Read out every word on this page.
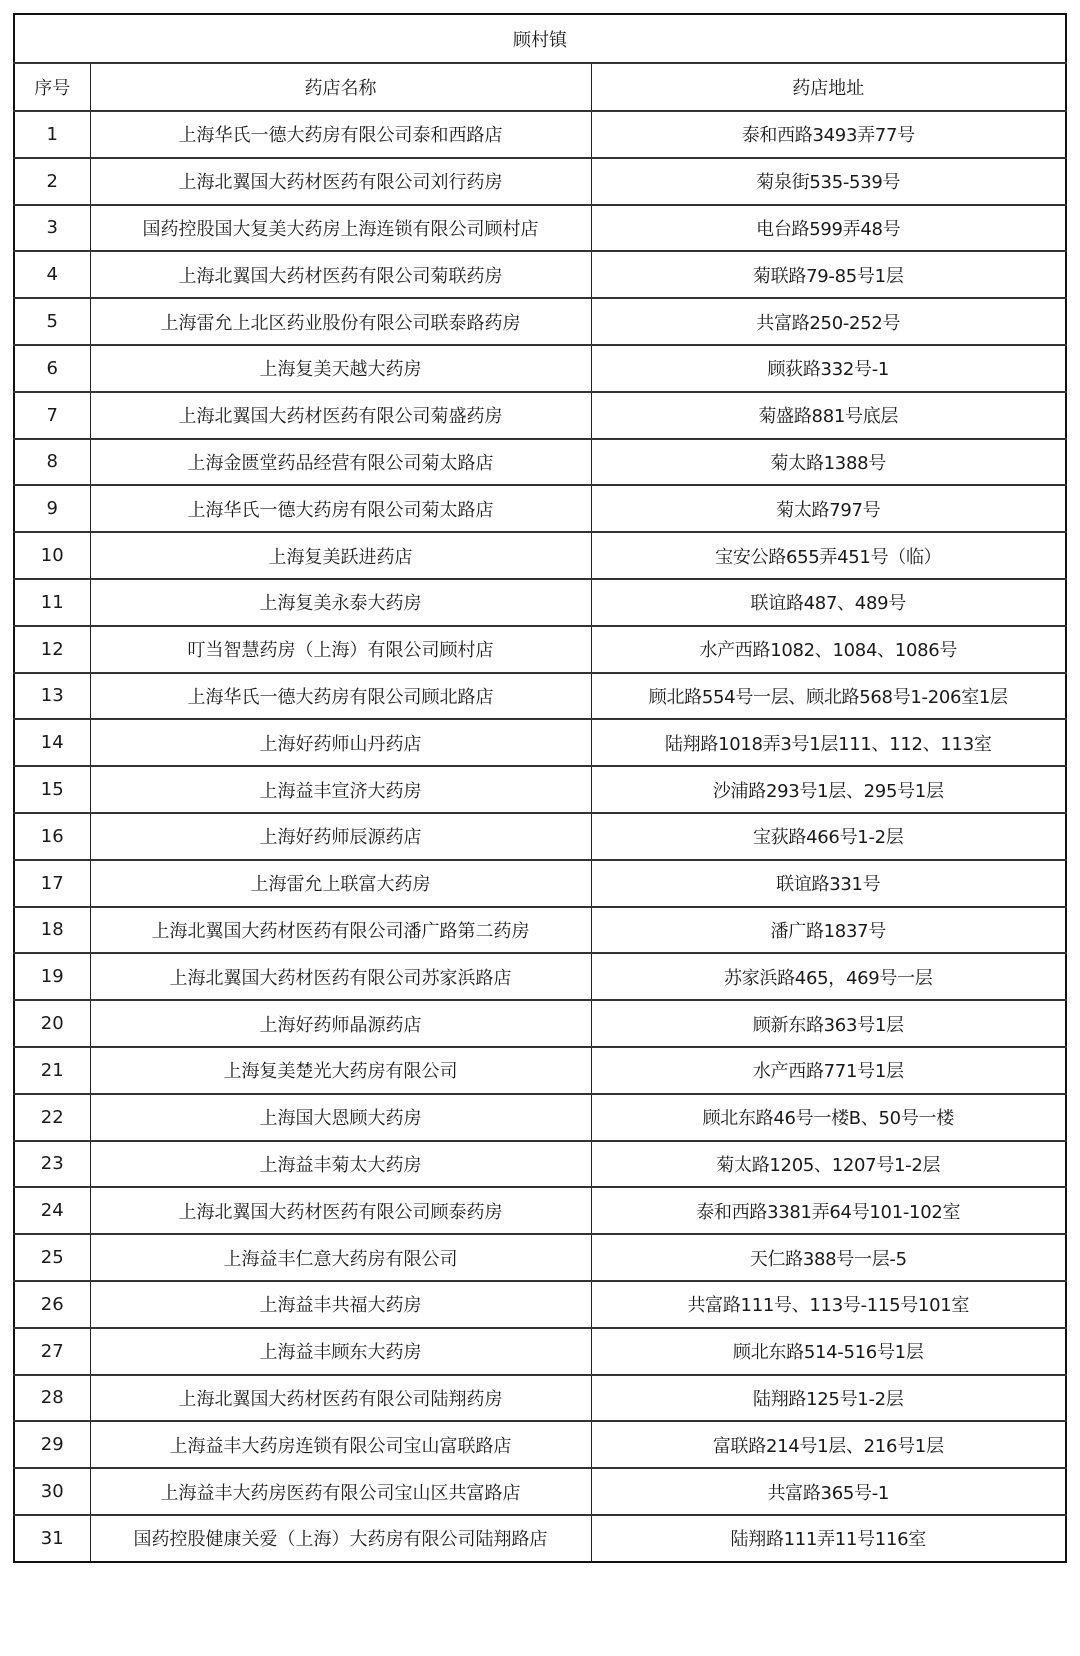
顾村镇		
序号	药店名称	药店地址
1	上海华氏一德大药房有限公司泰和西路店	泰和西路3493弄77号
2	上海北翼国大药材医药有限公司刘行药房	菊泉街535-539号
3	国药控股国大复美大药房上海连锁有限公司顾村店	电台路599弄48号
4	上海北翼国大药材医药有限公司菊联药房	菊联路79-85号1层
5	上海雷允上北区药业股份有限公司联泰路药房	共富路250-252号
6	上海复美天越大药房	顾荻路332号-1
7	上海北翼国大药材医药有限公司菊盛药房	菊盛路881号底层
8	上海金匮堂药品经营有限公司菊太路店	菊太路1388号
9	上海华氏一德大药房有限公司菊太路店	菊太路797号
10	上海复美跃进药店	宝安公路655弄451号（临）
11	上海复美永泰大药房	联谊路487、489号
12	叮当智慧药房（上海）有限公司顾村店	水产西路1082、1084、1086号
13	上海华氏一德大药房有限公司顾北路店	顾北路554号一层、顾北路568号1-206室1层
14	上海好药师山丹药店	陆翔路1018弄3号1层111、112、113室
15	上海益丰宣济大药房	沙浦路293号1层、295号1层
16	上海好药师辰源药店	宝荻路466号1-2层
17	上海雷允上联富大药房	联谊路331号
18	上海北翼国大药材医药有限公司潘广路第二药房	潘广路1837号
19	上海北翼国大药材医药有限公司苏家浜路店	苏家浜路465，469号一层
20	上海好药师晶源药店	顾新东路363号1层
21	上海复美楚光大药房有限公司	水产西路771号1层
22	上海国大恩顾大药房	顾北东路46号一楼B、50号一楼
23	上海益丰菊太大药房	菊太路1205、1207号1-2层
24	上海北翼国大药材医药有限公司顾泰药房	泰和西路3381弄64号101-102室
25	上海益丰仁意大药房有限公司	天仁路388号一层-5
26	上海益丰共福大药房	共富路111号、113号-115号101室
27	上海益丰顾东大药房	顾北东路514-516号1层
28	上海北翼国大药材医药有限公司陆翔药房	陆翔路125号1-2层
29	上海益丰大药房连锁有限公司宝山富联路店	富联路214号1层、216号1层
30	上海益丰大药房医药有限公司宝山区共富路店	共富路365号-1
31	国药控股健康关爱（上海）大药房有限公司陆翔路店	陆翔路111弄11号116室
